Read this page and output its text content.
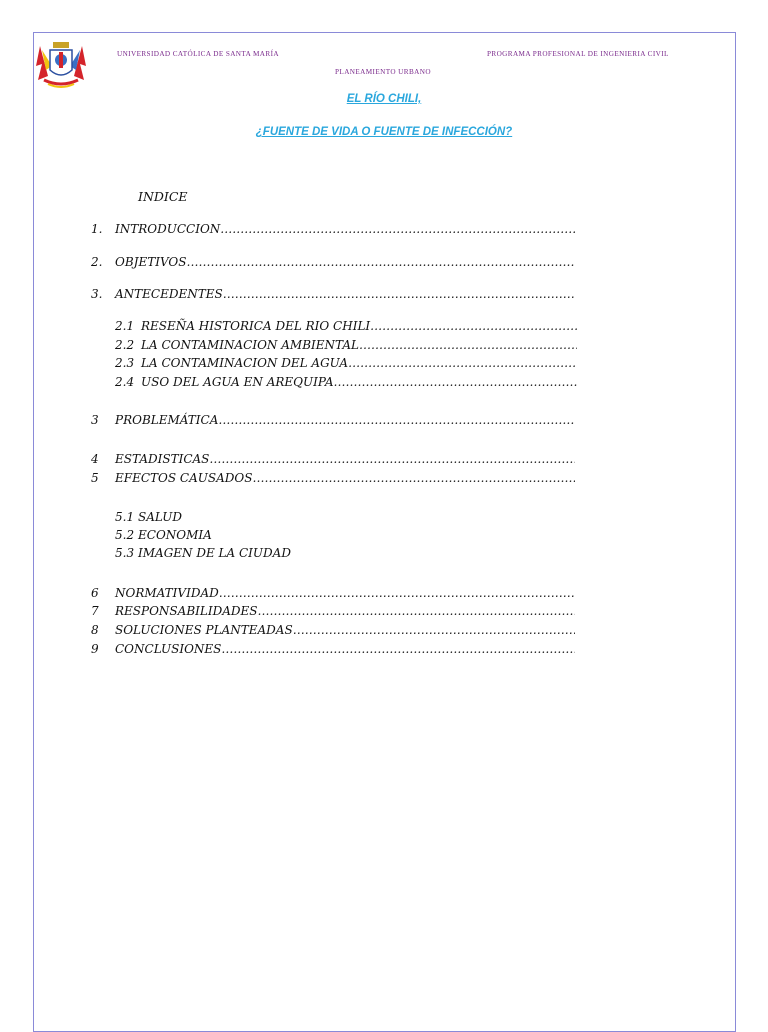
UNIVERSIDAD CATÓLICA DE SANTA MARÍA	PROGRAMA PROFESIONAL DE INGENIERIA CIVIL
PLANEAMIENTO URBANO
EL RÍO CHILI,
¿FUENTE DE VIDA O FUENTE DE INFECCIÓN?
INDICE
1. INTRODUCCION ………………………………………………………………………………………………………………………………………………
2. OBJETIVOS ………………………………………………………………………………………………………………………………………………
3. ANTECEDENTES ………………………………………………………………………………………………………………………………………………
2.1 RESEÑA HISTORICA DEL RIO CHILI ………………………………………………………………………………………………………………………………………………
2.2 LA CONTAMINACION AMBIENTAL ………………………………………………………………………………………………………………………………………………
2.3 LA CONTAMINACION DEL AGUA ………………………………………………………………………………………………………………………………………………
2.4 USO DEL AGUA EN AREQUIPA ………………………………………………………………………………………………………………………………………………
3 PROBLEMÁTICA ………………………………………………………………………………………………………………………………………………
4 ESTADISTICAS ………………………………………………………………………………………………………………………………………………
5 EFECTOS CAUSADOS ………………………………………………………………………………………………………………………………………………
5.1 SALUD
5.2 ECONOMIA
5.3 IMAGEN DE LA CIUDAD
6 NORMATIVIDAD ………………………………………………………………………………………………………………………………………………
7 RESPONSABILIDADES ………………………………………………………………………………………………………………………………………………
8 SOLUCIONES PLANTEADAS ………………………………………………………………………………………………………………………………………………
9 CONCLUSIONES ………………………………………………………………………………………………………………………………………………
